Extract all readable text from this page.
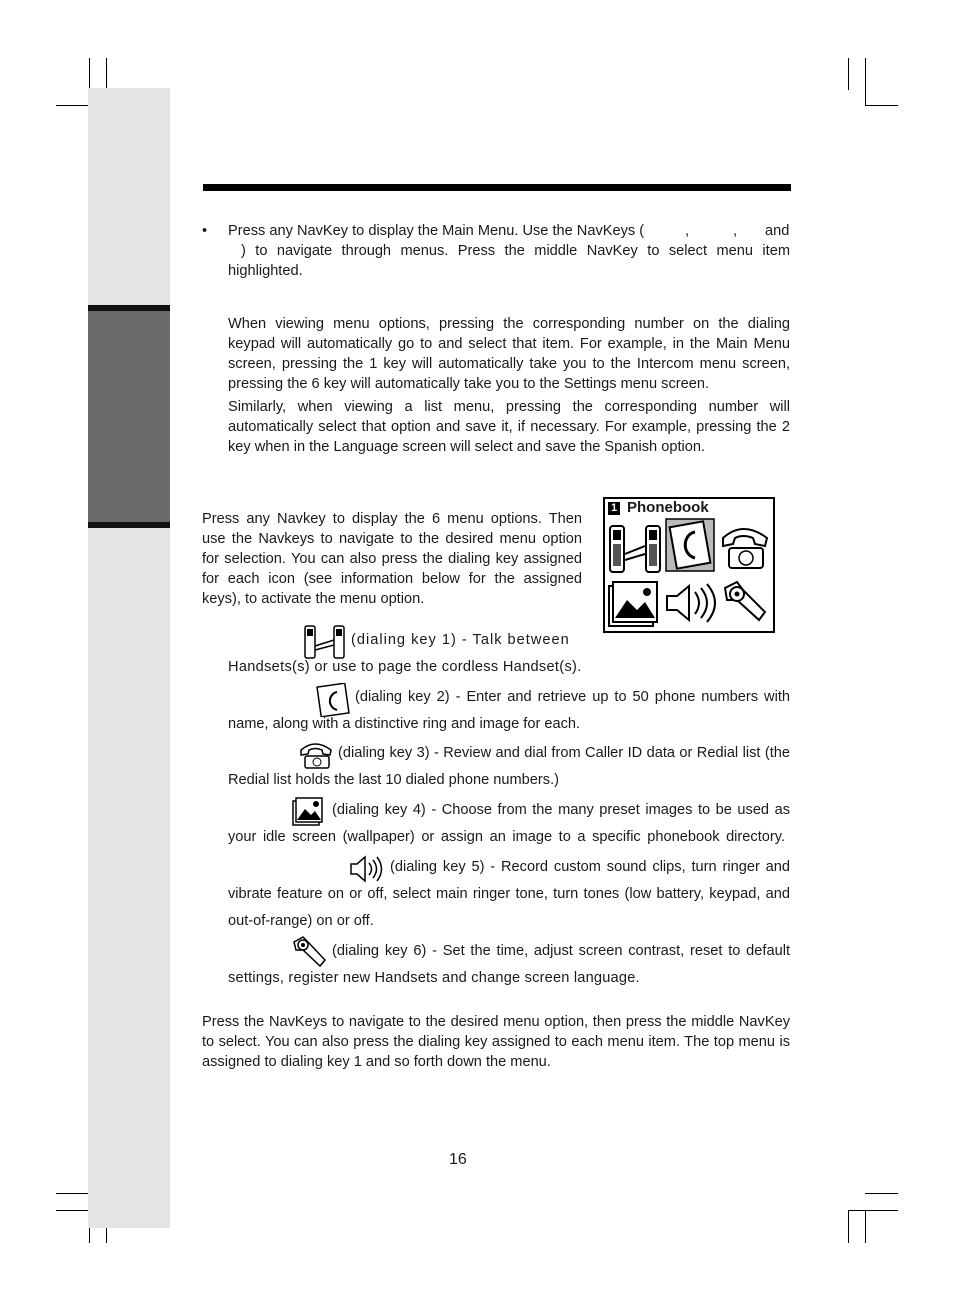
• Press any NavKey to display the Main Menu. Use the NavKeys (	,	, and
) to navigate through menus. Press the middle NavKey to select menu item
highlighted.

When viewing menu options, pressing the corresponding number on the dialing keypad will automatically go to and select that item. For example, in the Main Menu screen, pressing the 1 key will automatically take you to the Intercom menu screen, pressing the 6 key will automatically take you to the Settings menu screen.

Similarly, when viewing a list menu, pressing the corresponding number will automatically select that option and save it, if necessary. For example, pressing the 2 key when in the Language screen will select and save the Spanish option.

Press any Navkey to display the 6 menu options. Then use the Navkeys to navigate to the desired menu option for selection. You can also press the dialing key assigned for each icon (see information below for the assigned keys), to activate the menu option.

1 Phonebook
(dialing key 1) - Talk between
Handsets(s) or use to page the cordless Handset(s).
(dialing key 2) - Enter and retrieve up to 50 phone numbers with
name, along with a distinctive ring and image for each.
(dialing key 3) - Review and dial from Caller ID data or Redial list (the
Redial list holds the last 10 dialed phone numbers.)
(dialing key 4) - Choose from the many preset images to be used as
your idle screen (wallpaper) or assign an image to a specific phonebook directory.
(dialing key 5) - Record custom sound clips, turn ringer and
vibrate feature on or off, select main ringer tone, turn tones (low battery, keypad, and
out-of-range) on or off.
(dialing key 6) - Set the time, adjust screen contrast, reset to default
settings, register new Handsets and change screen language.

Press the NavKeys to navigate to the desired menu option, then press the middle NavKey to select. You can also press the dialing key assigned to each menu item. The top menu is assigned to dialing key 1 and so forth down the menu.

16
